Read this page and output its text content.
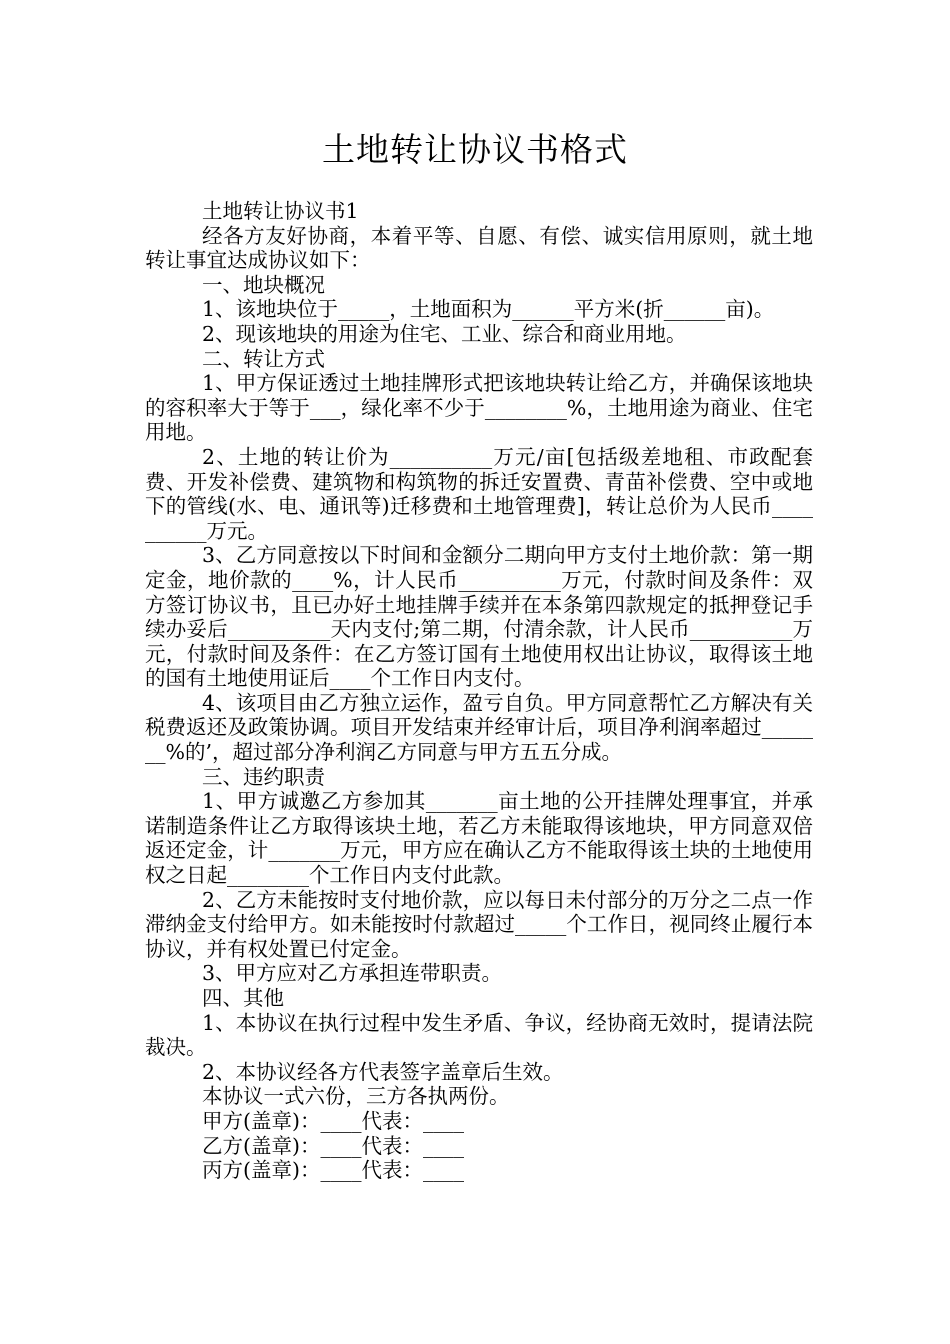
土地转让协议书格式

土地转让协议书1

经各方友好协商，本着平等、自愿、有偿、诚实信用原则，就土地转让事宜达成协议如下：

一、地块概况

1、该地块位于_____，土地面积为______平方米(折______亩)。

2、现该地块的用途为住宅、工业、综合和商业用地。

二、转让方式

1、甲方保证透过土地挂牌形式把该地块转让给乙方，并确保该地块的容积率大于等于___，绿化率不少于________%，土地用途为商业、住宅用地。

2、土地的转让价为__________万元/亩[包括级差地租、市政配套费、开发补偿费、建筑物和构筑物的拆迁安置费、青苗补偿费、空中或地下的管线(水、电、通讯等)迁移费和土地管理费]，转让总价为人民币__________万元。

3、乙方同意按以下时间和金额分二期向甲方支付土地价款：第一期定金，地价款的____%，计人民币__________万元，付款时间及条件：双方签订协议书，且已办好土地挂牌手续并在本条第四款规定的抵押登记手续办妥后__________天内支付;第二期，付清余款，计人民币__________万元，付款时间及条件：在乙方签订国有土地使用权出让协议，取得该土地的国有土地使用证后____个工作日内支付。

4、该项目由乙方独立运作，盈亏自负。甲方同意帮忙乙方解决有关税费返还及政策协调。项目开发结束并经审计后，项目净利润率超过_______%的’，超过部分净利润乙方同意与甲方五五分成。

三、违约职责

1、甲方诚邀乙方参加其_______亩土地的公开挂牌处理事宜，并承诺制造条件让乙方取得该块土地，若乙方未能取得该地块，甲方同意双倍返还定金，计_______万元，甲方应在确认乙方不能取得该土块的土地使用权之日起________个工作日内支付此款。

2、乙方未能按时支付地价款，应以每日未付部分的万分之二点一作滞纳金支付给甲方。如未能按时付款超过_____个工作日，视同终止履行本协议，并有权处置已付定金。

3、甲方应对乙方承担连带职责。

四、其他

1、本协议在执行过程中发生矛盾、争议，经协商无效时，提请法院裁决。

2、本协议经各方代表签字盖章后生效。

本协议一式六份，三方各执两份。

甲方(盖章)：____代表：____

乙方(盖章)：____代表：____

丙方(盖章)：____代表：____
